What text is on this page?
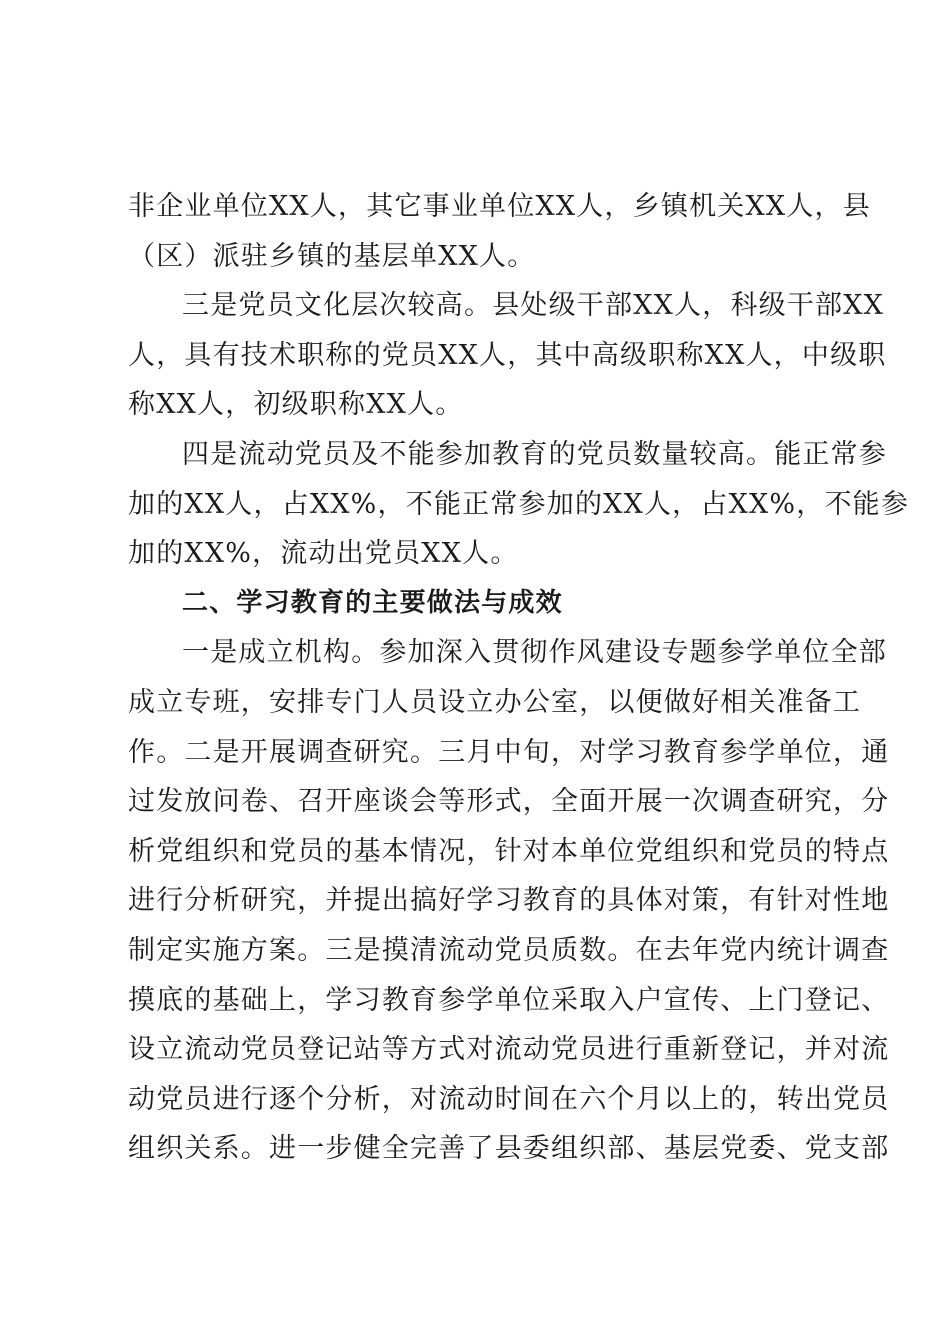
非企业单位XX人，其它事业单位XX人，乡镇机关XX人，县
（区）派驻乡镇的基层单XX人。
三是党员文化层次较高。县处级干部XX人，科级干部XX
人，具有技术职称的党员XX人，其中高级职称XX人，中级职
称XX人，初级职称XX人。
四是流动党员及不能参加教育的党员数量较高。能正常参
加的XX人，占XX%，不能正常参加的XX人，占XX%，不能参
加的XX%，流动出党员XX人。
二、学习教育的主要做法与成效
一是成立机构。参加深入贯彻作风建设专题参学单位全部
成立专班，安排专门人员设立办公室，以便做好相关准备工
作。二是开展调查研究。三月中旬，对学习教育参学单位，通
过发放问卷、召开座谈会等形式，全面开展一次调查研究，分
析党组织和党员的基本情况，针对本单位党组织和党员的特点
进行分析研究，并提出搞好学习教育的具体对策，有针对性地
制定实施方案。三是摸清流动党员质数。在去年党内统计调查
摸底的基础上，学习教育参学单位采取入户宣传、上门登记、
设立流动党员登记站等方式对流动党员进行重新登记，并对流
动党员进行逐个分析，对流动时间在六个月以上的，转出党员
组织关系。进一步健全完善了县委组织部、基层党委、党支部
